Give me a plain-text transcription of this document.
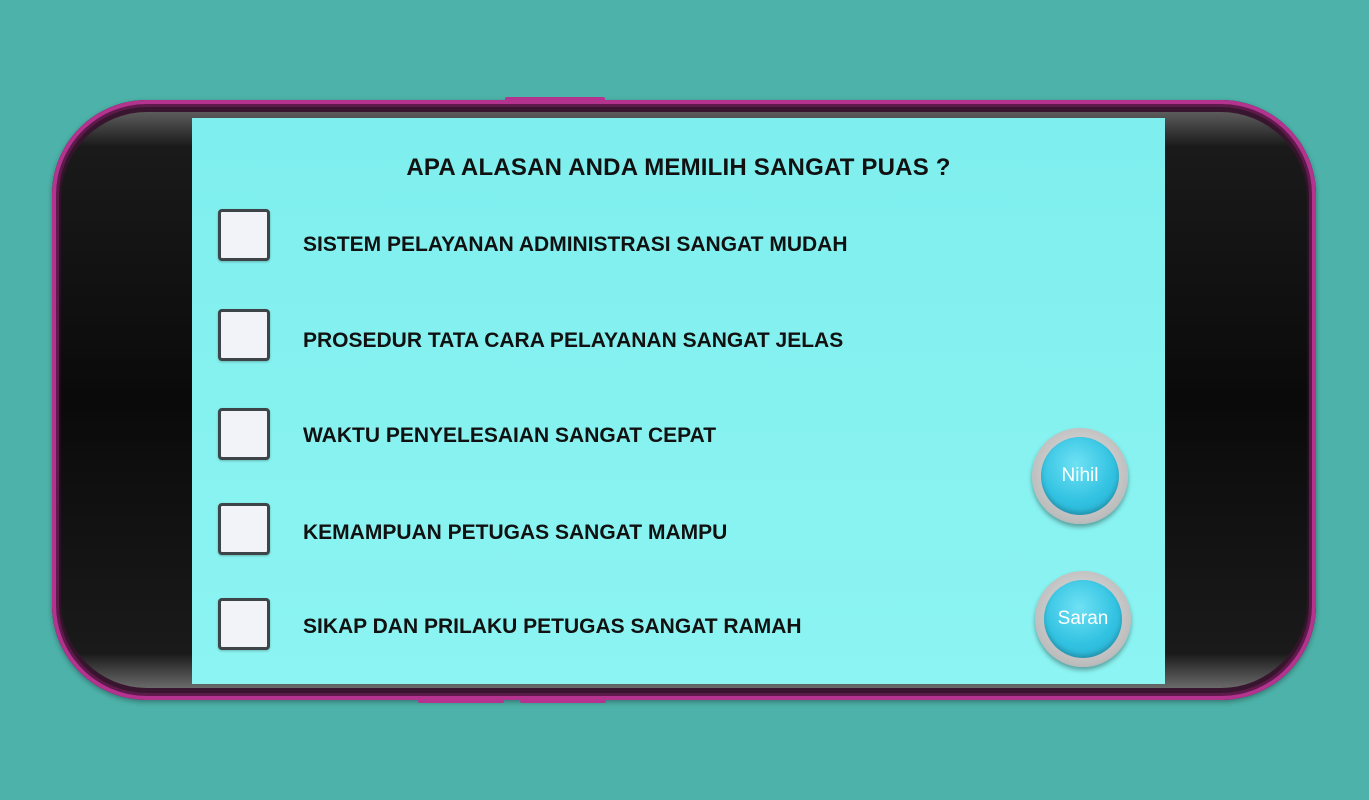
APA ALASAN ANDA MEMILIH SANGAT PUAS ?
SISTEM PELAYANAN ADMINISTRASI SANGAT MUDAH
PROSEDUR TATA CARA PELAYANAN SANGAT JELAS
WAKTU PENYELESAIAN SANGAT CEPAT
KEMAMPUAN PETUGAS SANGAT MAMPU
SIKAP DAN PRILAKU PETUGAS SANGAT RAMAH
Nihil
Saran
